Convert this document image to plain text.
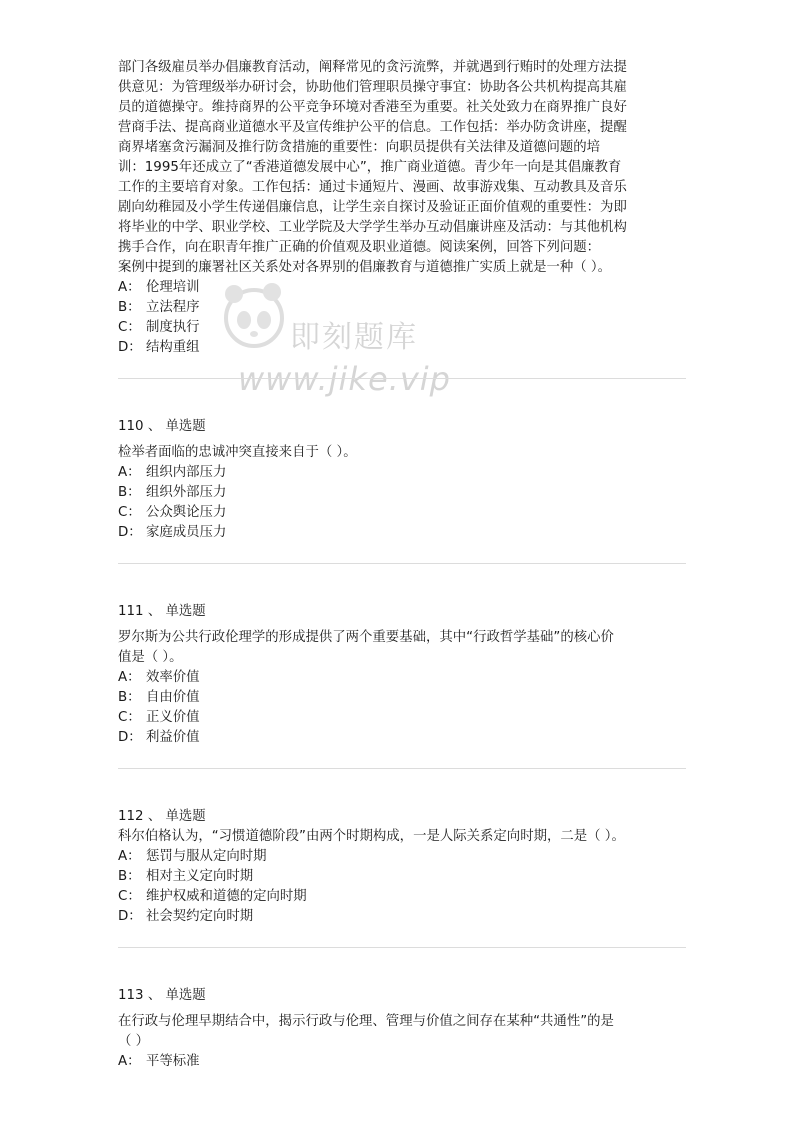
即刻题库
www.jike.vip
部门各级雇员举办倡廉教育活动，阐释常见的贪污流弊，并就遇到行贿时的处理方法提
供意见：为管理级举办研讨会，协助他们管理职员操守事宜：协助各公共机构提高其雇
员的道德操守。维持商界的公平竞争环境对香港至为重要。社关处致力在商界推广良好
营商手法、提高商业道德水平及宣传维护公平的信息。工作包括：举办防贪讲座，提醒
商界堵塞贪污漏洞及推行防贪措施的重要性：向职员提供有关法律及道德问题的培
训：1995年还成立了“香港道德发展中心”，推广商业道德。青少年一向是其倡廉教育
工作的主要培育对象。工作包括：通过卡通短片、漫画、故事游戏集、互动教具及音乐
剧向幼稚园及小学生传递倡廉信息，让学生亲自探讨及验证正面价值观的重要性：为即
将毕业的中学、职业学校、工业学院及大学学生举办互动倡廉讲座及活动：与其他机构
携手合作，向在职青年推广正确的价值观及职业道德。阅读案例，回答下列问题：
案例中提到的廉署社区关系处对各界别的倡廉教育与道德推广实质上就是一种（ ）。
A： 伦理培训
B： 立法程序
C： 制度执行
D： 结构重组
110 、 单选题
检举者面临的忠诚冲突直接来自于（ ）。
A： 组织内部压力
B： 组织外部压力
C： 公众舆论压力
D： 家庭成员压力
111 、 单选题
罗尔斯为公共行政伦理学的形成提供了两个重要基础，其中“行政哲学基础”的核心价
值是（ ）。
A： 效率价值
B： 自由价值
C： 正义价值
D： 利益价值
112 、 单选题
科尔伯格认为，“习惯道德阶段”由两个时期构成，一是人际关系定向时期，二是（ ）。
A： 惩罚与服从定向时期
B： 相对主义定向时期
C： 维护权威和道德的定向时期
D： 社会契约定向时期
113 、 单选题
在行政与伦理早期结合中，揭示行政与伦理、管理与价值之间存在某种“共通性”的是
（ ）
A： 平等标准
